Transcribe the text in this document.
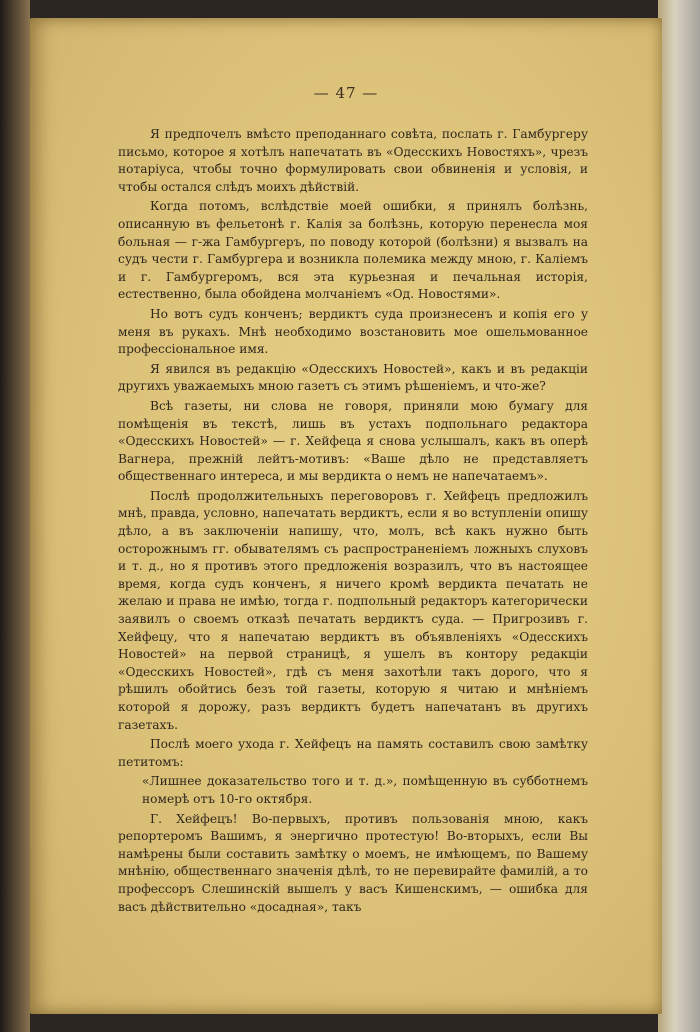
— 47 —

Я предпочелъ вмѣсто преподаннаго совѣта, послать г. Гамбургеру письмо, которое я хотѣлъ напечатать въ «Одесскихъ Новостяхъ», чрезъ нотаріуса, чтобы точно формулировать свои обвиненія и условія, и чтобы остался слѣдъ моихъ дѣйствій.

Когда потомъ, вслѣдствіе моей ошибки, я принялъ болѣзнь, описанную въ фельетонѣ г. Калія за болѣзнь, которую перенесла моя больная — г-жа Гамбургеръ, по поводу которой (болѣзни) я вызвалъ на судъ чести г. Гамбургера и возникла полемика между мною, г. Каліемъ и г. Гамбургеромъ, вся эта курьезная и печальная исторія, естественно, была обойдена молчаніемъ «Од. Новостями».

Но вотъ судъ конченъ; вердиктъ суда произнесенъ и копія его у меня въ рукахъ. Мнѣ необходимо возстановить мое ошельмованное профессіональное имя.

Я явился въ редакцію «Одесскихъ Новостей», какъ и въ редакціи другихъ уважаемыхъ мною газетъ съ этимъ рѣшеніемъ, и что-же?

Всѣ газеты, ни слова не говоря, приняли мою бумагу для помѣщенія въ текстѣ, лишь въ устахъ подпольнаго редактора «Одесскихъ Новостей» — г. Хейфеца я снова услышалъ, какъ въ оперѣ Вагнера, прежній лейтъ-мотивъ: «Ваше дѣло не представляетъ общественнаго интереса, и мы вердикта о немъ не напечатаемъ».

Послѣ продолжительныхъ переговоровъ г. Хейфецъ предложилъ мнѣ, правда, условно, напечатать вердиктъ, если я во вступленіи опишу дѣло, а въ заключеніи напишу, что, молъ, всѣ какъ нужно быть осторожнымъ гг. обывателямъ съ распространеніемъ ложныхъ слуховъ и т. д., но я противъ этого предложенія возразилъ, что въ настоящее время, когда судъ конченъ, я ничего кромѣ вердикта печатать не желаю и права не имѣю, тогда г. подпольный редакторъ категорически заявилъ о своемъ отказѣ печатать вердиктъ суда. — Пригрозивъ г. Хейфецу, что я напечатаю вердиктъ въ объявленіяхъ «Одесскихъ Новостей» на первой страницѣ, я ушелъ въ контору редакціи «Одесскихъ Новостей», гдѣ съ меня захотѣли такъ дорого, что я рѣшилъ обойтись безъ той газеты, которую я читаю и мнѣніемъ которой я дорожу, разъ вердиктъ будетъ напечатанъ въ другихъ газетахъ.

Послѣ моего ухода г. Хейфецъ на память составилъ свою замѣтку петитомъ:

«Лишнее доказательство того и т. д.», помѣщенную въ субботнемъ номерѣ отъ 10-го октября.

Г. Хейфецъ! Во-первыхъ, противъ пользованія мною, какъ репортеромъ Вашимъ, я энергично протестую! Во-вторыхъ, если Вы намѣрены были составить замѣтку о моемъ, не имѣющемъ, по Вашему мнѣнію, общественнаго значенія дѣлѣ, то не перевирайте фамилій, а то профессоръ Слешинскій вышелъ у васъ Кишенскимъ, — ошибка для васъ дѣйствительно «досадная», такъ
